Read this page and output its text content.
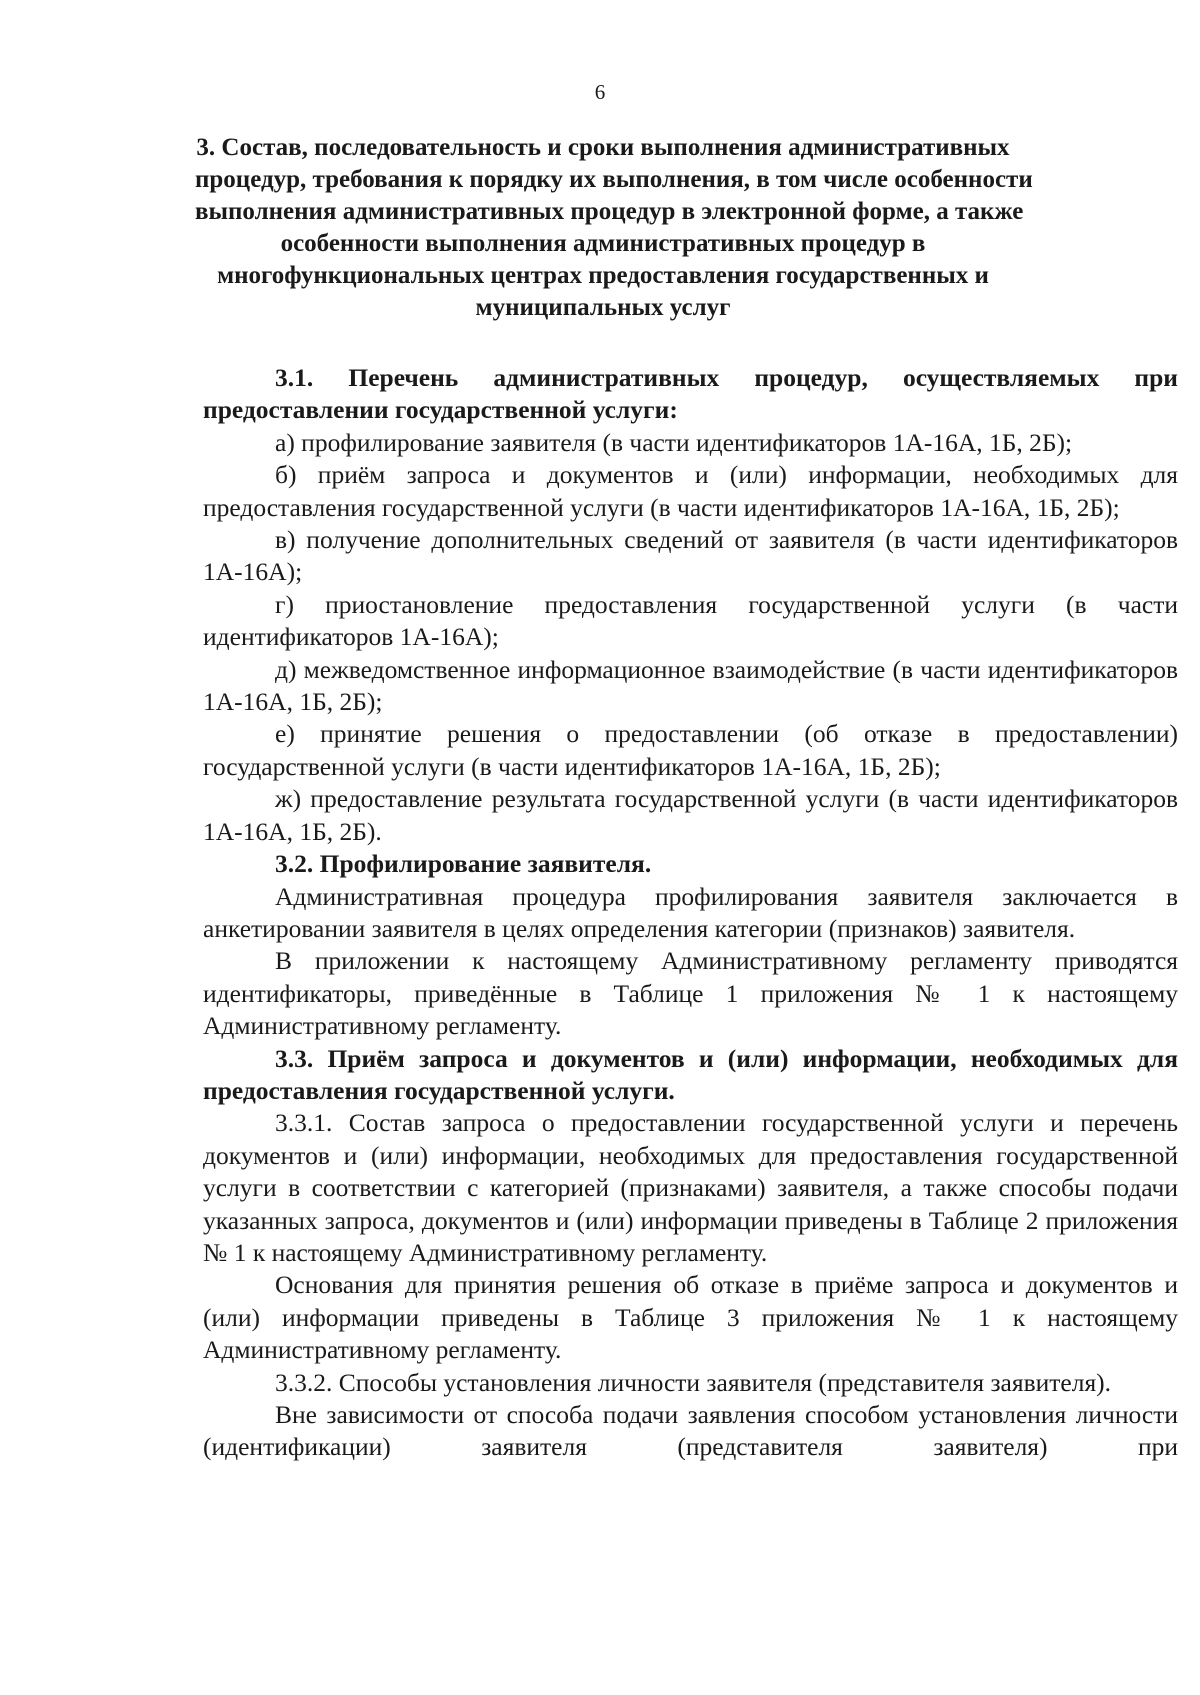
6
3. Состав, последовательность и сроки выполнения административных
процедур, требования к порядку их выполнения, в том числе особенности
выполнения административных процедур в электронной форме, а также
особенности выполнения административных процедур в
многофункциональных центрах предоставления государственных и
муниципальных услуг

3.1. Перечень административных процедур, осуществляемых при предоставлении государственной услуги:

а) профилирование заявителя (в части идентификаторов 1А-16А, 1Б, 2Б);

б) приём запроса и документов и (или) информации, необходимых для предоставления государственной услуги (в части идентификаторов 1А-16А, 1Б, 2Б);

в) получение дополнительных сведений от заявителя (в части идентификаторов 1А-16А);

г) приостановление предоставления государственной услуги (в части идентификаторов 1А-16А);

д) межведомственное информационное взаимодействие (в части идентификаторов 1А-16А, 1Б, 2Б);

е) принятие решения о предоставлении (об отказе в предоставлении) государственной услуги (в части идентификаторов 1А-16А, 1Б, 2Б);

ж) предоставление результата государственной услуги (в части идентификаторов 1А-16А, 1Б, 2Б).

3.2. Профилирование заявителя.

Административная процедура профилирования заявителя заключается в анкетировании заявителя в целях определения категории (признаков) заявителя.

В приложении к настоящему Административному регламенту приводятся идентификаторы, приведённые в Таблице 1 приложения № 1 к настоящему Административному регламенту.

3.3. Приём запроса и документов и (или) информации, необходимых для предоставления государственной услуги.

3.3.1. Состав запроса о предоставлении государственной услуги и перечень документов и (или) информации, необходимых для предоставления государственной услуги в соответствии с категорией (признаками) заявителя, а также способы подачи указанных запроса, документов и (или) информации приведены в Таблице 2 приложения № 1 к настоящему Административному регламенту.

Основания для принятия решения об отказе в приёме запроса и документов и (или) информации приведены в Таблице 3 приложения № 1 к настоящему Административному регламенту.

3.3.2. Способы установления личности заявителя (представителя заявителя).

Вне зависимости от способа подачи заявления способом установления личности (идентификации) заявителя (представителя заявителя) при
